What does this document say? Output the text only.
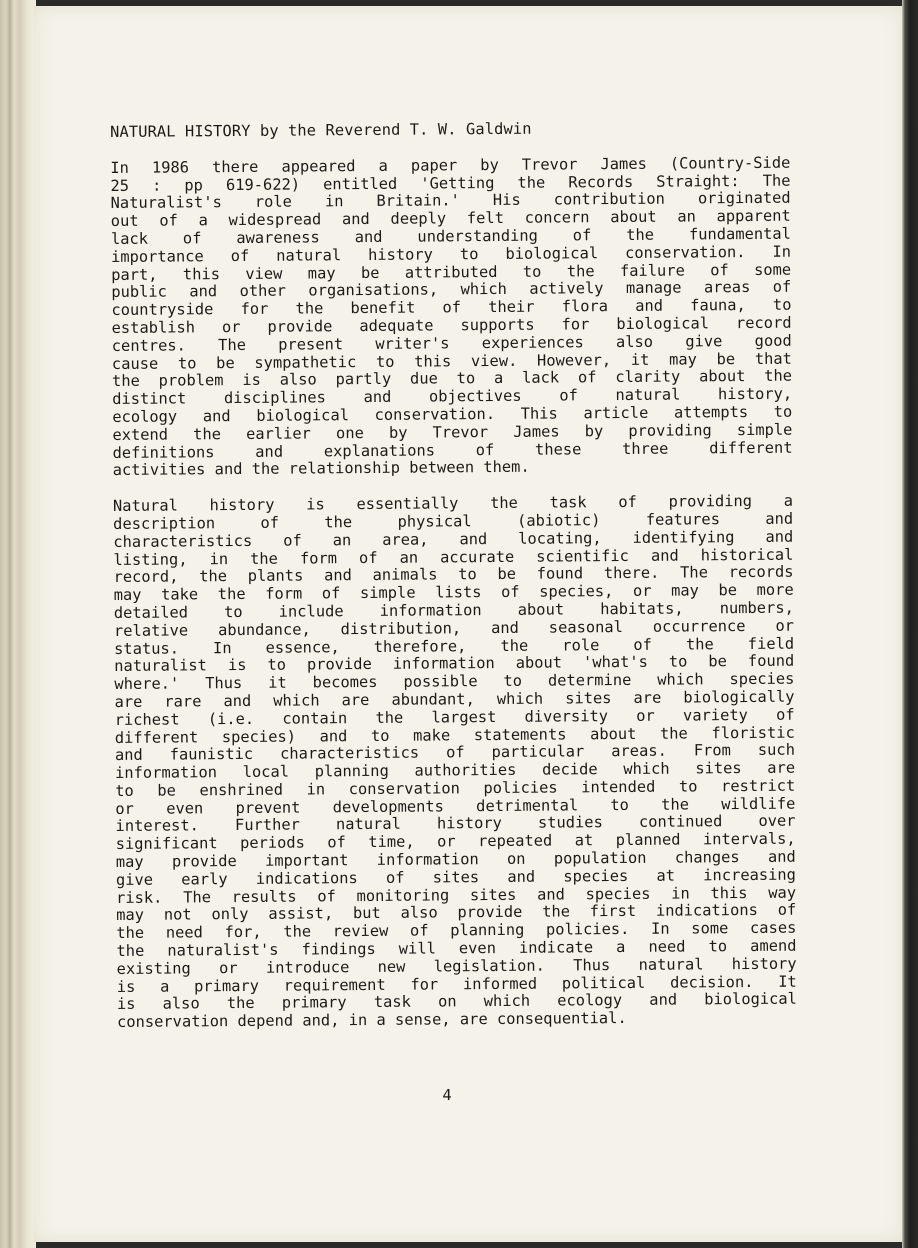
NATURAL HISTORY by the Reverend T. W. Galdwin
In 1986 there appeared a paper by Trevor James (Country-Side
25 : pp 619-622) entitled 'Getting the Records Straight: The
Naturalist's role in Britain.' His contribution originated
out of a widespread and deeply felt concern about an apparent
lack of awareness and understanding of the fundamental
importance of natural history to biological conservation. In
part, this view may be attributed to the failure of some
public and other organisations, which actively manage areas of
countryside for the benefit of their flora and fauna, to
establish or provide adequate supports for biological record
centres. The present writer's experiences also give good
cause to be sympathetic to this view. However, it may be that
the problem is also partly due to a lack of clarity about the
distinct disciplines and objectives of natural history,
ecology and biological conservation. This article attempts to
extend the earlier one by Trevor James by providing simple
definitions and explanations of these three different
activities and the relationship between them.
Natural history is essentially the task of providing a
description of the physical (abiotic) features and
characteristics of an area, and locating, identifying and
listing, in the form of an accurate scientific and historical
record, the plants and animals to be found there. The records
may take the form of simple lists of species, or may be more
detailed to include information about habitats, numbers,
relative abundance, distribution, and seasonal occurrence or
status. In essence, therefore, the role of the field
naturalist is to provide information about 'what's to be found
where.' Thus it becomes possible to determine which species
are rare and which are abundant, which sites are biologically
richest (i.e. contain the largest diversity or variety of
different species) and to make statements about the floristic
and faunistic characteristics of particular areas. From such
information local planning authorities decide which sites are
to be enshrined in conservation policies intended to restrict
or even prevent developments detrimental to the wildlife
interest. Further natural history studies continued over
significant periods of time, or repeated at planned intervals,
may provide important information on population changes and
give early indications of sites and species at increasing
risk. The results of monitoring sites and species in this way
may not only assist, but also provide the first indications of
the need for, the review of planning policies. In some cases
the naturalist's findings will even indicate a need to amend
existing or introduce new legislation. Thus natural history
is a primary requirement for informed political decision. It
is also the primary task on which ecology and biological
conservation depend and, in a sense, are consequential.
4
